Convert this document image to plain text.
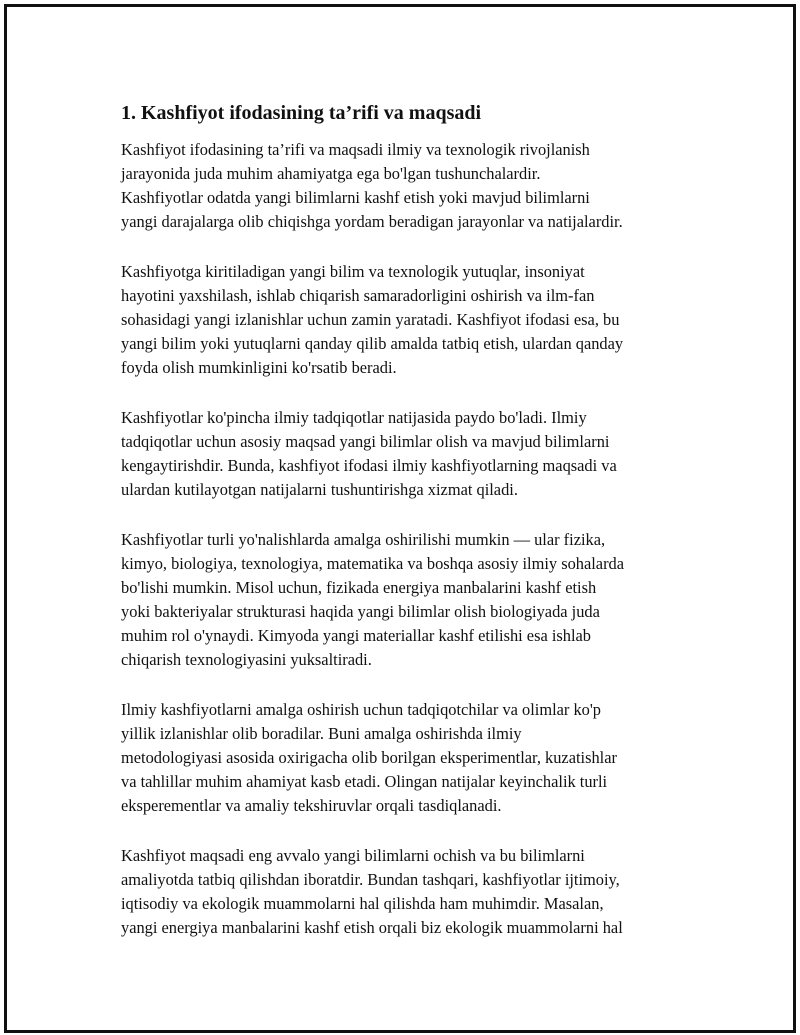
1. Kashfiyot ifodasining ta’rifi va maqsadi

Kashfiyot ifodasining ta’rifi va maqsadi ilmiy va texnologik rivojlanish
jarayonida juda muhim ahamiyatga ega bo'lgan tushunchalardir.
Kashfiyotlar odatda yangi bilimlarni kashf etish yoki mavjud bilimlarni
yangi darajalarga olib chiqishga yordam beradigan jarayonlar va natijalardir.

Kashfiyotga kiritiladigan yangi bilim va texnologik yutuqlar, insoniyat
hayotini yaxshilash, ishlab chiqarish samaradorligini oshirish va ilm-fan
sohasidagi yangi izlanishlar uchun zamin yaratadi. Kashfiyot ifodasi esa, bu
yangi bilim yoki yutuqlarni qanday qilib amalda tatbiq etish, ulardan qanday
foyda olish mumkinligini ko'rsatib beradi.

Kashfiyotlar ko'pincha ilmiy tadqiqotlar natijasida paydo bo'ladi. Ilmiy
tadqiqotlar uchun asosiy maqsad yangi bilimlar olish va mavjud bilimlarni
kengaytirishdir. Bunda, kashfiyot ifodasi ilmiy kashfiyotlarning maqsadi va
ulardan kutilayotgan natijalarni tushuntirishga xizmat qiladi.

Kashfiyotlar turli yo'nalishlarda amalga oshirilishi mumkin — ular fizika,
kimyo, biologiya, texnologiya, matematika va boshqa asosiy ilmiy sohalarda
bo'lishi mumkin. Misol uchun, fizikada energiya manbalarini kashf etish
yoki bakteriyalar strukturasi haqida yangi bilimlar olish biologiyada juda
muhim rol o'ynaydi. Kimyoda yangi materiallar kashf etilishi esa ishlab
chiqarish texnologiyasini yuksaltiradi.

Ilmiy kashfiyotlarni amalga oshirish uchun tadqiqotchilar va olimlar ko'p
yillik izlanishlar olib boradilar. Buni amalga oshirishda ilmiy
metodologiyasi asosida oxirigacha olib borilgan eksperimentlar, kuzatishlar
va tahlillar muhim ahamiyat kasb etadi. Olingan natijalar keyinchalik turli
eksperementlar va amaliy tekshiruvlar orqali tasdiqlanadi.

Kashfiyot maqsadi eng avvalo yangi bilimlarni ochish va bu bilimlarni
amaliyotda tatbiq qilishdan iboratdir. Bundan tashqari, kashfiyotlar ijtimoiy,
iqtisodiy va ekologik muammolarni hal qilishda ham muhimdir. Masalan,
yangi energiya manbalarini kashf etish orqali biz ekologik muammolarni hal
